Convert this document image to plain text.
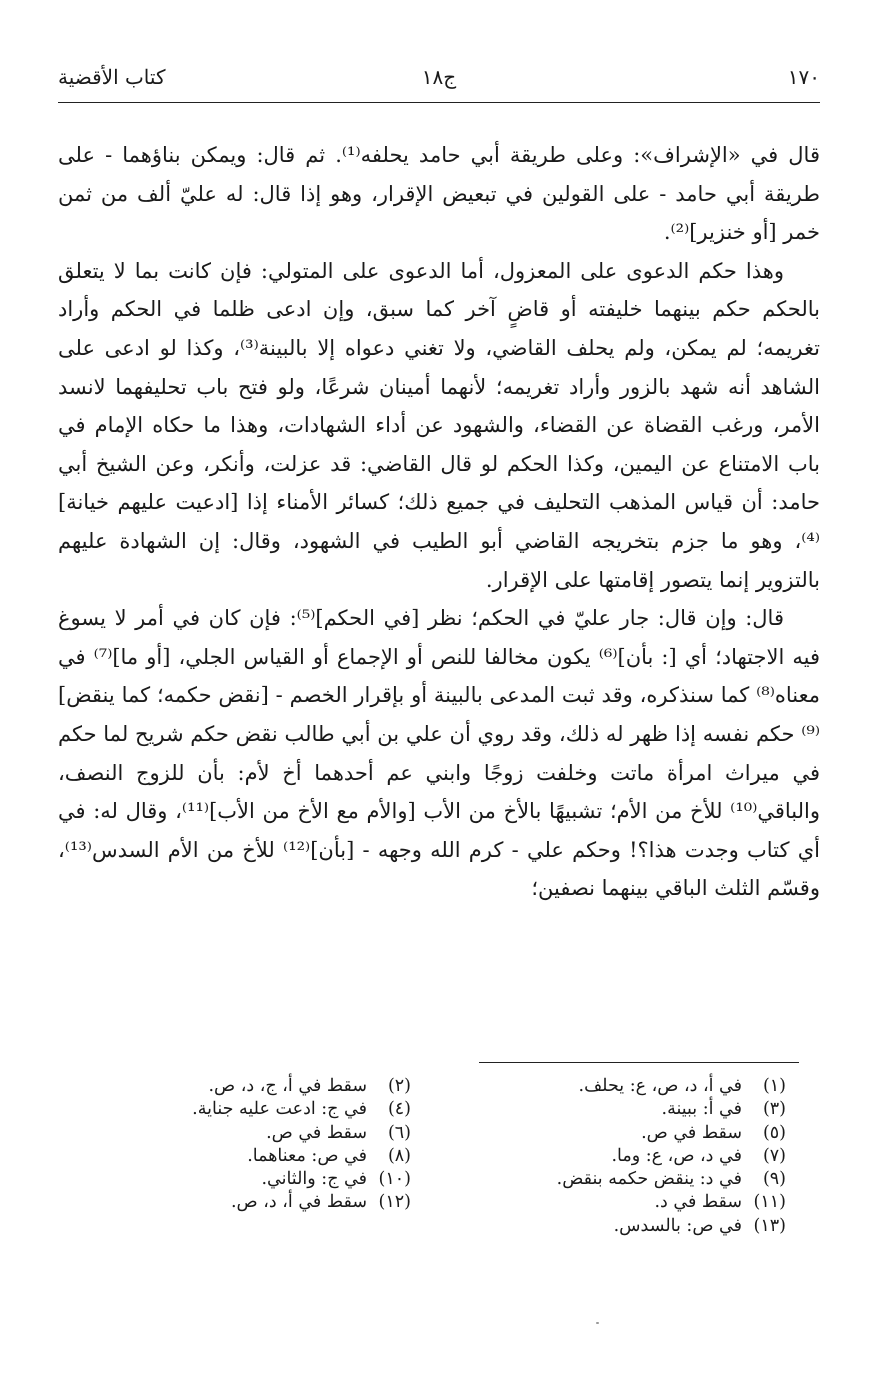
١٧٠
ج١٨
كتاب الأقضية

قال في «الإشراف»: وعلى طريقة أبي حامد يحلفه⁽¹⁾. ثم قال: ويمكن بناؤهما - على طريقة أبي حامد - على القولين في تبعيض الإقرار، وهو إذا قال: له عليّ ألف من ثمن خمر [أو خنزير]⁽²⁾.

وهذا حكم الدعوى على المعزول، أما الدعوى على المتولي: فإن كانت بما لا يتعلق بالحكم حكم بينهما خليفته أو قاضٍ آخر كما سبق، وإن ادعى ظلما في الحكم وأراد تغريمه؛ لم يمكن، ولم يحلف القاضي، ولا تغني دعواه إلا بالبينة⁽³⁾، وكذا لو ادعى على الشاهد أنه شهد بالزور وأراد تغريمه؛ لأنهما أمينان شرعًا، ولو فتح باب تحليفهما لانسد الأمر، ورغب القضاة عن القضاء، والشهود عن أداء الشهادات، وهذا ما حكاه الإمام في باب الامتناع عن اليمين، وكذا الحكم لو قال القاضي: قد عزلت، وأنكر، وعن الشيخ أبي حامد: أن قياس المذهب التحليف في جميع ذلك؛ كسائر الأمناء إذا [ادعيت عليهم خيانة]⁽⁴⁾، وهو ما جزم بتخريجه القاضي أبو الطيب في الشهود، وقال: إن الشهادة عليهم بالتزوير إنما يتصور إقامتها على الإقرار.

قال: وإن قال: جار عليّ في الحكم؛ نظر [في الحكم]⁽⁵⁾: فإن كان في أمر لا يسوغ فيه الاجتهاد؛ أي [: بأن]⁽⁶⁾ يكون مخالفا للنص أو الإجماع أو القياس الجلي، [أو ما]⁽⁷⁾ في معناه⁽⁸⁾ كما سنذكره، وقد ثبت المدعى بالبينة أو بإقرار الخصم - [نقض حكمه؛ كما ينقض]⁽⁹⁾ حكم نفسه إذا ظهر له ذلك، وقد روي أن علي بن أبي طالب نقض حكم شريح لما حكم في ميراث امرأة ماتت وخلفت زوجًا وابني عم أحدهما أخ لأم: بأن للزوج النصف، والباقي⁽¹⁰⁾ للأخ من الأم؛ تشبيهًا بالأخ من الأب [والأم مع الأخ من الأب]⁽¹¹⁾، وقال له: في أي كتاب وجدت هذا؟! وحكم علي - كرم الله وجهه - [بأن]⁽¹²⁾ للأخ من الأم السدس⁽¹³⁾، وقسّم الثلث الباقي بينهما نصفين؛

(١)في أ، د، ص، ع: يحلف.
(٣)في أ: ببينة.
(٥)سقط في ص.
(٧)في د، ص، ع: وما.
(٩)في د: ينقض حكمه بنقض.
(١١)سقط في د.
(١٣)في ص: بالسدس.
(٢)سقط في أ، ج، د، ص.
(٤)في ج: ادعت عليه جناية.
(٦)سقط في ص.
(٨)في ص: معناهما.
(١٠)في ج: والثاني.
(١٢)سقط في أ، د، ص.
